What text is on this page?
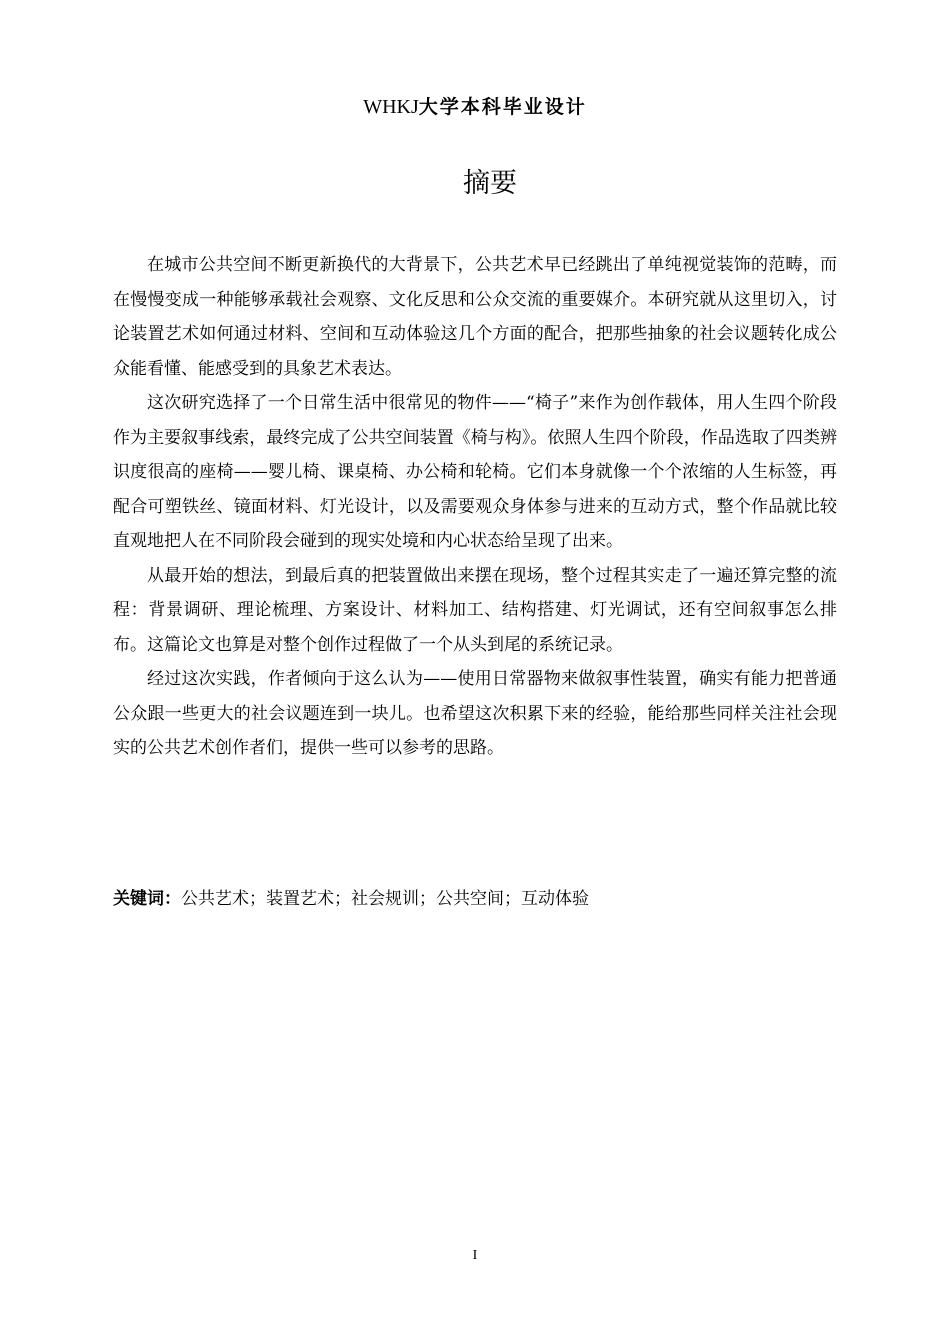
WHKJ大学本科毕业设计
摘要

在城市公共空间不断更新换代的大背景下，公共艺术早已经跳出了单纯视觉装饰的范畴，而在慢慢变成一种能够承载社会观察、文化反思和公众交流的重要媒介。本研究就从这里切入，讨论装置艺术如何通过材料、空间和互动体验这几个方面的配合，把那些抽象的社会议题转化成公众能看懂、能感受到的具象艺术表达。

这次研究选择了一个日常生活中很常见的物件——“椅子”来作为创作载体，用人生四个阶段作为主要叙事线索，最终完成了公共空间装置《椅与构》。依照人生四个阶段，作品选取了四类辨识度很高的座椅——婴儿椅、课桌椅、办公椅和轮椅。它们本身就像一个个浓缩的人生标签，再配合可塑铁丝、镜面材料、灯光设计，以及需要观众身体参与进来的互动方式，整个作品就比较直观地把人在不同阶段会碰到的现实处境和内心状态给呈现了出来。

从最开始的想法，到最后真的把装置做出来摆在现场，整个过程其实走了一遍还算完整的流程：背景调研、理论梳理、方案设计、材料加工、结构搭建、灯光调试，还有空间叙事怎么排布。这篇论文也算是对整个创作过程做了一个从头到尾的系统记录。

经过这次实践，作者倾向于这么认为——使用日常器物来做叙事性装置，确实有能力把普通公众跟一些更大的社会议题连到一块儿。也希望这次积累下来的经验，能给那些同样关注社会现实的公共艺术创作者们，提供一些可以参考的思路。

关键词：公共艺术；装置艺术；社会规训；公共空间；互动体验
I
